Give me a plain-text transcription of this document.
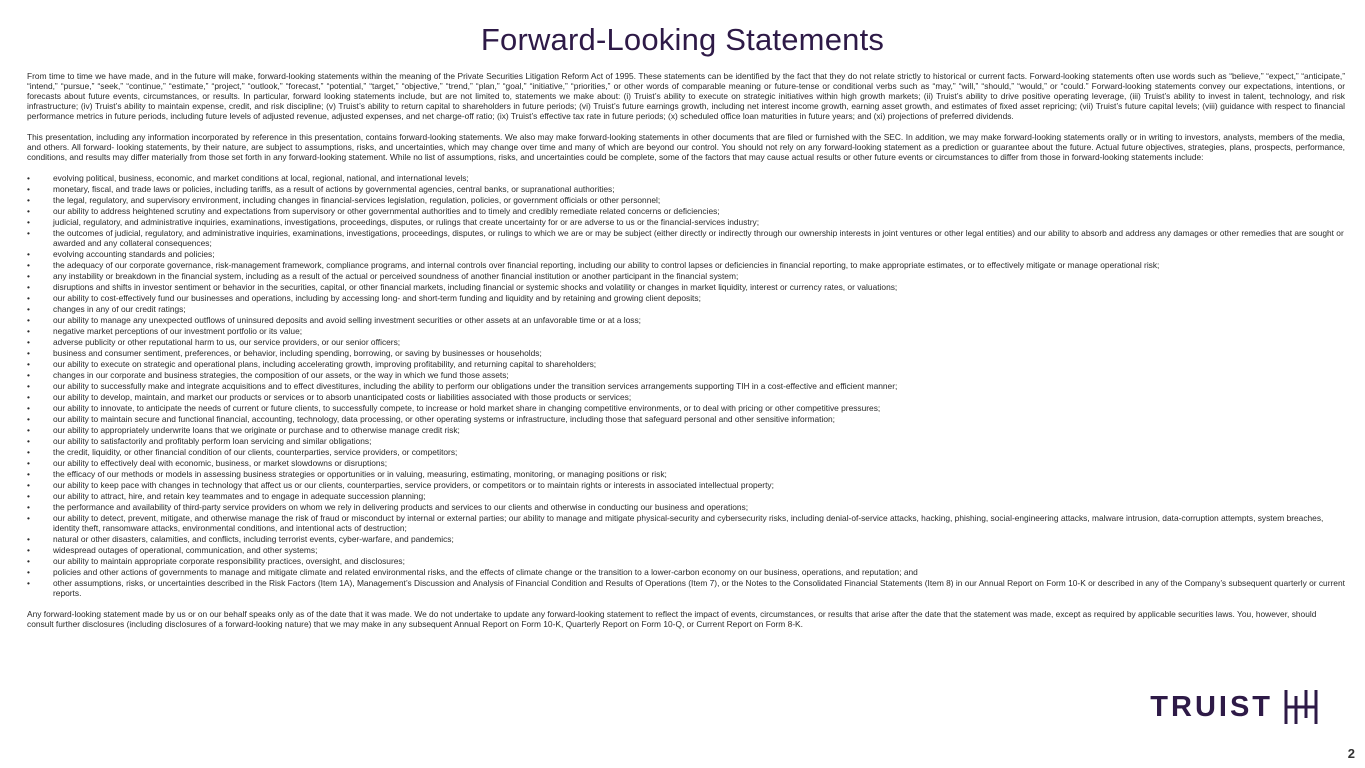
Forward-Looking Statements

From time to time we have made, and in the future will make, forward-looking statements within the meaning of the Private Securities Litigation Reform Act of 1995. These statements can be identified by the fact that they do not relate strictly to historical or current facts. Forward-looking statements often use words such as “believe,” “expect,” “anticipate,” “intend,” “pursue,” “seek,” “continue,” “estimate,” “project,” “outlook,” “forecast,” “potential,” “target,” “objective,” “trend,” “plan,” “goal,” “initiative,” “priorities,” or other words of comparable meaning or future-tense or conditional verbs such as “may,” “will,” “should,” “would,” or “could.” Forward-looking statements convey our expectations, intentions, or forecasts about future events, circumstances, or results. In particular, forward looking statements include, but are not limited to, statements we make about: (i) Truist’s ability to execute on strategic initiatives within high growth markets; (ii) Truist’s ability to drive positive operating leverage, (iii) Truist’s ability to invest in talent, technology, and risk infrastructure; (iv) Truist’s ability to maintain expense, credit, and risk discipline; (v) Truist’s ability to return capital to shareholders in future periods; (vi) Truist’s future earnings growth, including net interest income growth, earning asset growth, and estimates of fixed asset repricing; (vii) Truist’s future capital levels; (viii) guidance with respect to financial performance metrics in future periods, including future levels of adjusted revenue, adjusted expenses, and net charge-off ratio; (ix) Truist’s effective tax rate in future periods; (x) scheduled office loan maturities in future years; and (xi) projections of preferred dividends.

This presentation, including any information incorporated by reference in this presentation, contains forward-looking statements. We also may make forward-looking statements in other documents that are filed or furnished with the SEC. In addition, we may make forward-looking statements orally or in writing to investors, analysts, members of the media, and others. All forward- looking statements, by their nature, are subject to assumptions, risks, and uncertainties, which may change over time and many of which are beyond our control. You should not rely on any forward-looking statement as a prediction or guarantee about the future. Actual future objectives, strategies, plans, prospects, performance, conditions, and results may differ materially from those set forth in any forward-looking statement. While no list of assumptions, risks, and uncertainties could be complete, some of the factors that may cause actual results or other future events or circumstances to differ from those in forward-looking statements include:

• evolving political, business, economic, and market conditions at local, regional, national, and international levels;
• monetary, fiscal, and trade laws or policies, including tariffs, as a result of actions by governmental agencies, central banks, or supranational authorities;
• the legal, regulatory, and supervisory environment, including changes in financial-services legislation, regulation, policies, or government officials or other personnel;
• our ability to address heightened scrutiny and expectations from supervisory or other governmental authorities and to timely and credibly remediate related concerns or deficiencies;
• judicial, regulatory, and administrative inquiries, examinations, investigations, proceedings, disputes, or rulings that create uncertainty for or are adverse to us or the financial-services industry;
• the outcomes of judicial, regulatory, and administrative inquiries, examinations, investigations, proceedings, disputes, or rulings to which we are or may be subject (either directly or indirectly through our ownership interests in joint ventures or other legal entities) and our ability to absorb and address any damages or other remedies that are sought or awarded and any collateral consequences;
• evolving accounting standards and policies;
• the adequacy of our corporate governance, risk-management framework, compliance programs, and internal controls over financial reporting, including our ability to control lapses or deficiencies in financial reporting, to make appropriate estimates, or to effectively mitigate or manage operational risk;
• any instability or breakdown in the financial system, including as a result of the actual or perceived soundness of another financial institution or another participant in the financial system;
• disruptions and shifts in investor sentiment or behavior in the securities, capital, or other financial markets, including financial or systemic shocks and volatility or changes in market liquidity, interest or currency rates, or valuations;
• our ability to cost-effectively fund our businesses and operations, including by accessing long- and short-term funding and liquidity and by retaining and growing client deposits;
• changes in any of our credit ratings;
• our ability to manage any unexpected outflows of uninsured deposits and avoid selling investment securities or other assets at an unfavorable time or at a loss;
• negative market perceptions of our investment portfolio or its value;
• adverse publicity or other reputational harm to us, our service providers, or our senior officers;
• business and consumer sentiment, preferences, or behavior, including spending, borrowing, or saving by businesses or households;
• our ability to execute on strategic and operational plans, including accelerating growth, improving profitability, and returning capital to shareholders;
• changes in our corporate and business strategies, the composition of our assets, or the way in which we fund those assets;
• our ability to successfully make and integrate acquisitions and to effect divestitures, including the ability to perform our obligations under the transition services arrangements supporting TIH in a cost-effective and efficient manner;
• our ability to develop, maintain, and market our products or services or to absorb unanticipated costs or liabilities associated with those products or services;
• our ability to innovate, to anticipate the needs of current or future clients, to successfully compete, to increase or hold market share in changing competitive environments, or to deal with pricing or other competitive pressures;
• our ability to maintain secure and functional financial, accounting, technology, data processing, or other operating systems or infrastructure, including those that safeguard personal and other sensitive information;
• our ability to appropriately underwrite loans that we originate or purchase and to otherwise manage credit risk;
• our ability to satisfactorily and profitably perform loan servicing and similar obligations;
• the credit, liquidity, or other financial condition of our clients, counterparties, service providers, or competitors;
• our ability to effectively deal with economic, business, or market slowdowns or disruptions;
• the efficacy of our methods or models in assessing business strategies or opportunities or in valuing, measuring, estimating, monitoring, or managing positions or risk;
• our ability to keep pace with changes in technology that affect us or our clients, counterparties, service providers, or competitors or to maintain rights or interests in associated intellectual property;
• our ability to attract, hire, and retain key teammates and to engage in adequate succession planning;
• the performance and availability of third-party service providers on whom we rely in delivering products and services to our clients and otherwise in conducting our business and operations;
• our ability to detect, prevent, mitigate, and otherwise manage the risk of fraud or misconduct by internal or external parties; our ability to manage and mitigate physical-security and cybersecurity risks, including denial-of-service attacks, hacking, phishing, social-engineering attacks, malware intrusion, data-corruption attempts, system breaches, identity theft, ransomware attacks, environmental conditions, and intentional acts of destruction;
• natural or other disasters, calamities, and conflicts, including terrorist events, cyber-warfare, and pandemics;
• widespread outages of operational, communication, and other systems;
• our ability to maintain appropriate corporate responsibility practices, oversight, and disclosures;
• policies and other actions of governments to manage and mitigate climate and related environmental risks, and the effects of climate change or the transition to a lower-carbon economy on our business, operations, and reputation; and
• other assumptions, risks, or uncertainties described in the Risk Factors (Item 1A), Management’s Discussion and Analysis of Financial Condition and Results of Operations (Item 7), or the Notes to the Consolidated Financial Statements (Item 8) in our Annual Report on Form 10-K or described in any of the Company’s subsequent quarterly or current reports.

Any forward-looking statement made by us or on our behalf speaks only as of the date that it was made. We do not undertake to update any forward-looking statement to reflect the impact of events, circumstances, or results that arise after the date that the statement was made, except as required by applicable securities laws. You, however, should consult further disclosures (including disclosures of a forward-looking nature) that we may make in any subsequent Annual Report on Form 10-K, Quarterly Report on Form 10-Q, or Current Report on Form 8-K.

TRUIST
2
